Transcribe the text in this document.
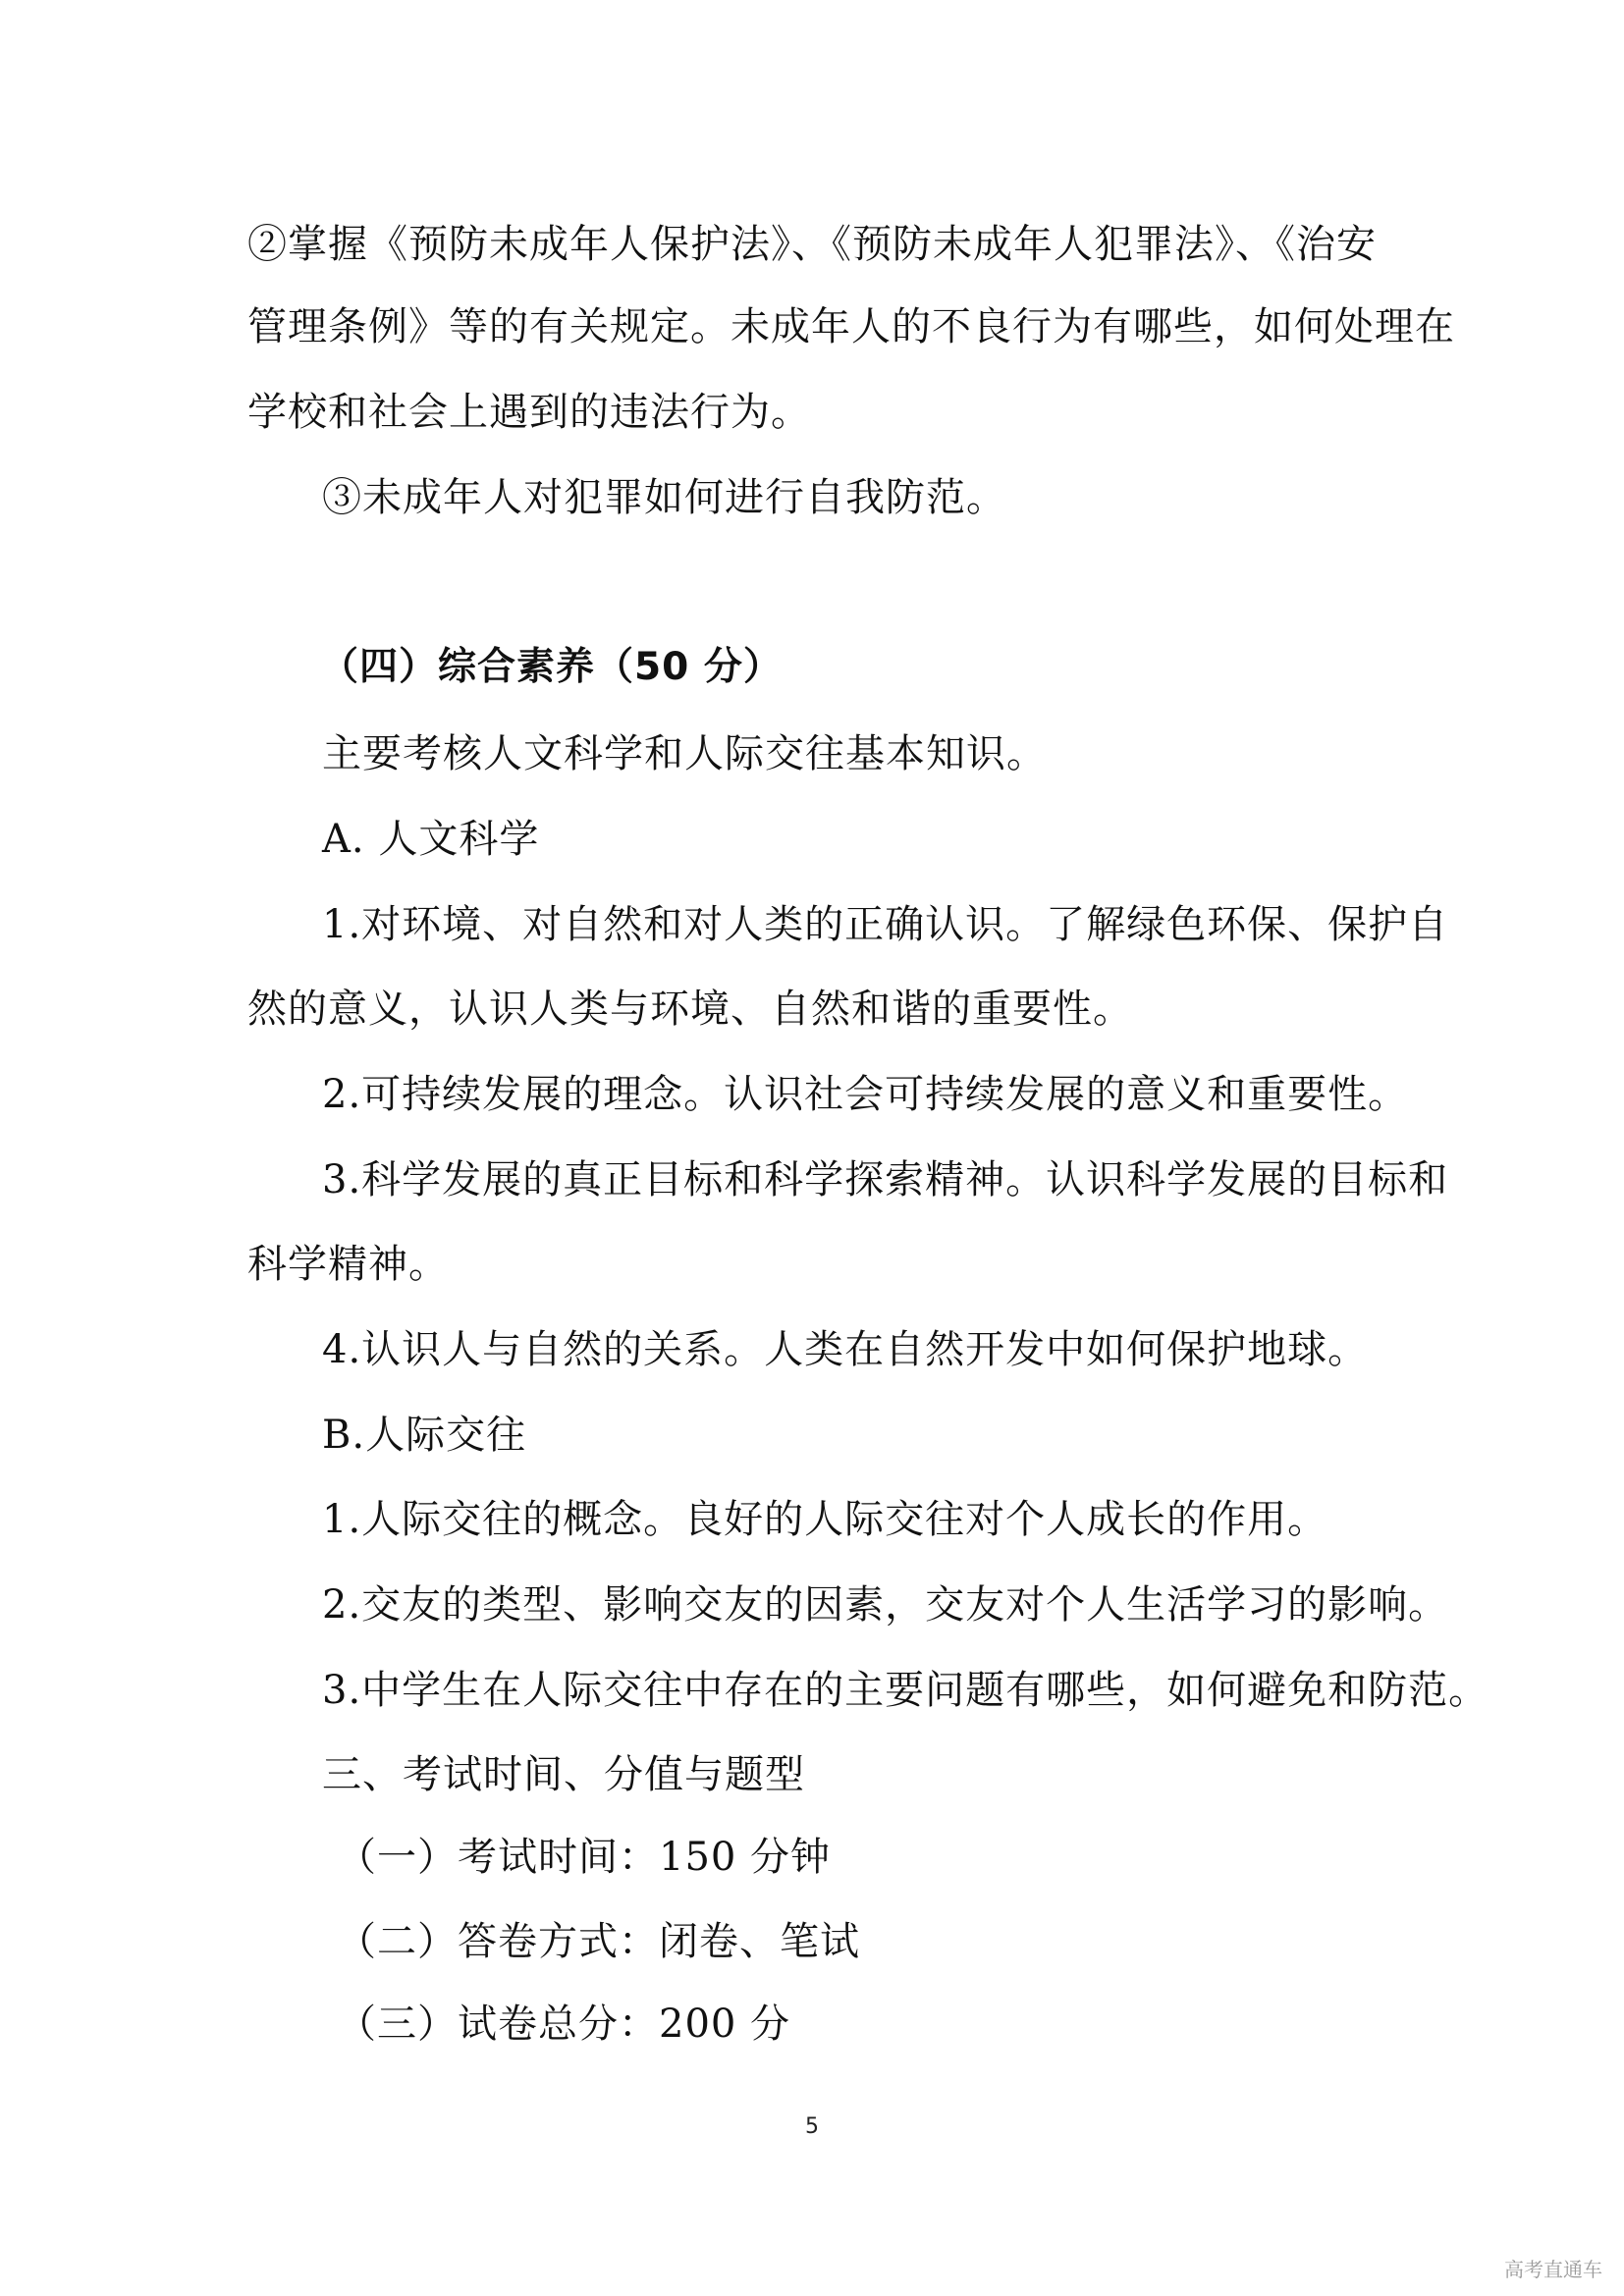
②掌握《预防未成年人保护法》、《预防未成年人犯罪法》、《治安
管理条例》等的有关规定。未成年人的不良行为有哪些，如何处理在
学校和社会上遇到的违法行为。
③未成年人对犯罪如何进行自我防范。
（四）综合素养（50 分）
主要考核人文科学和人际交往基本知识。
A. 人文科学
1.对环境、对自然和对人类的正确认识。了解绿色环保、保护自
然的意义，认识人类与环境、自然和谐的重要性。
2.可持续发展的理念。认识社会可持续发展的意义和重要性。
3.科学发展的真正目标和科学探索精神。认识科学发展的目标和
科学精神。
4.认识人与自然的关系。人类在自然开发中如何保护地球。
B.人际交往
1.人际交往的概念。良好的人际交往对个人成长的作用。
2.交友的类型、影响交友的因素，交友对个人生活学习的影响。
3.中学生在人际交往中存在的主要问题有哪些，如何避免和防范。
三、考试时间、分值与题型
（一）考试时间：150 分钟
（二）答卷方式：闭卷、笔试
（三）试卷总分：200 分
5
高考直通车
